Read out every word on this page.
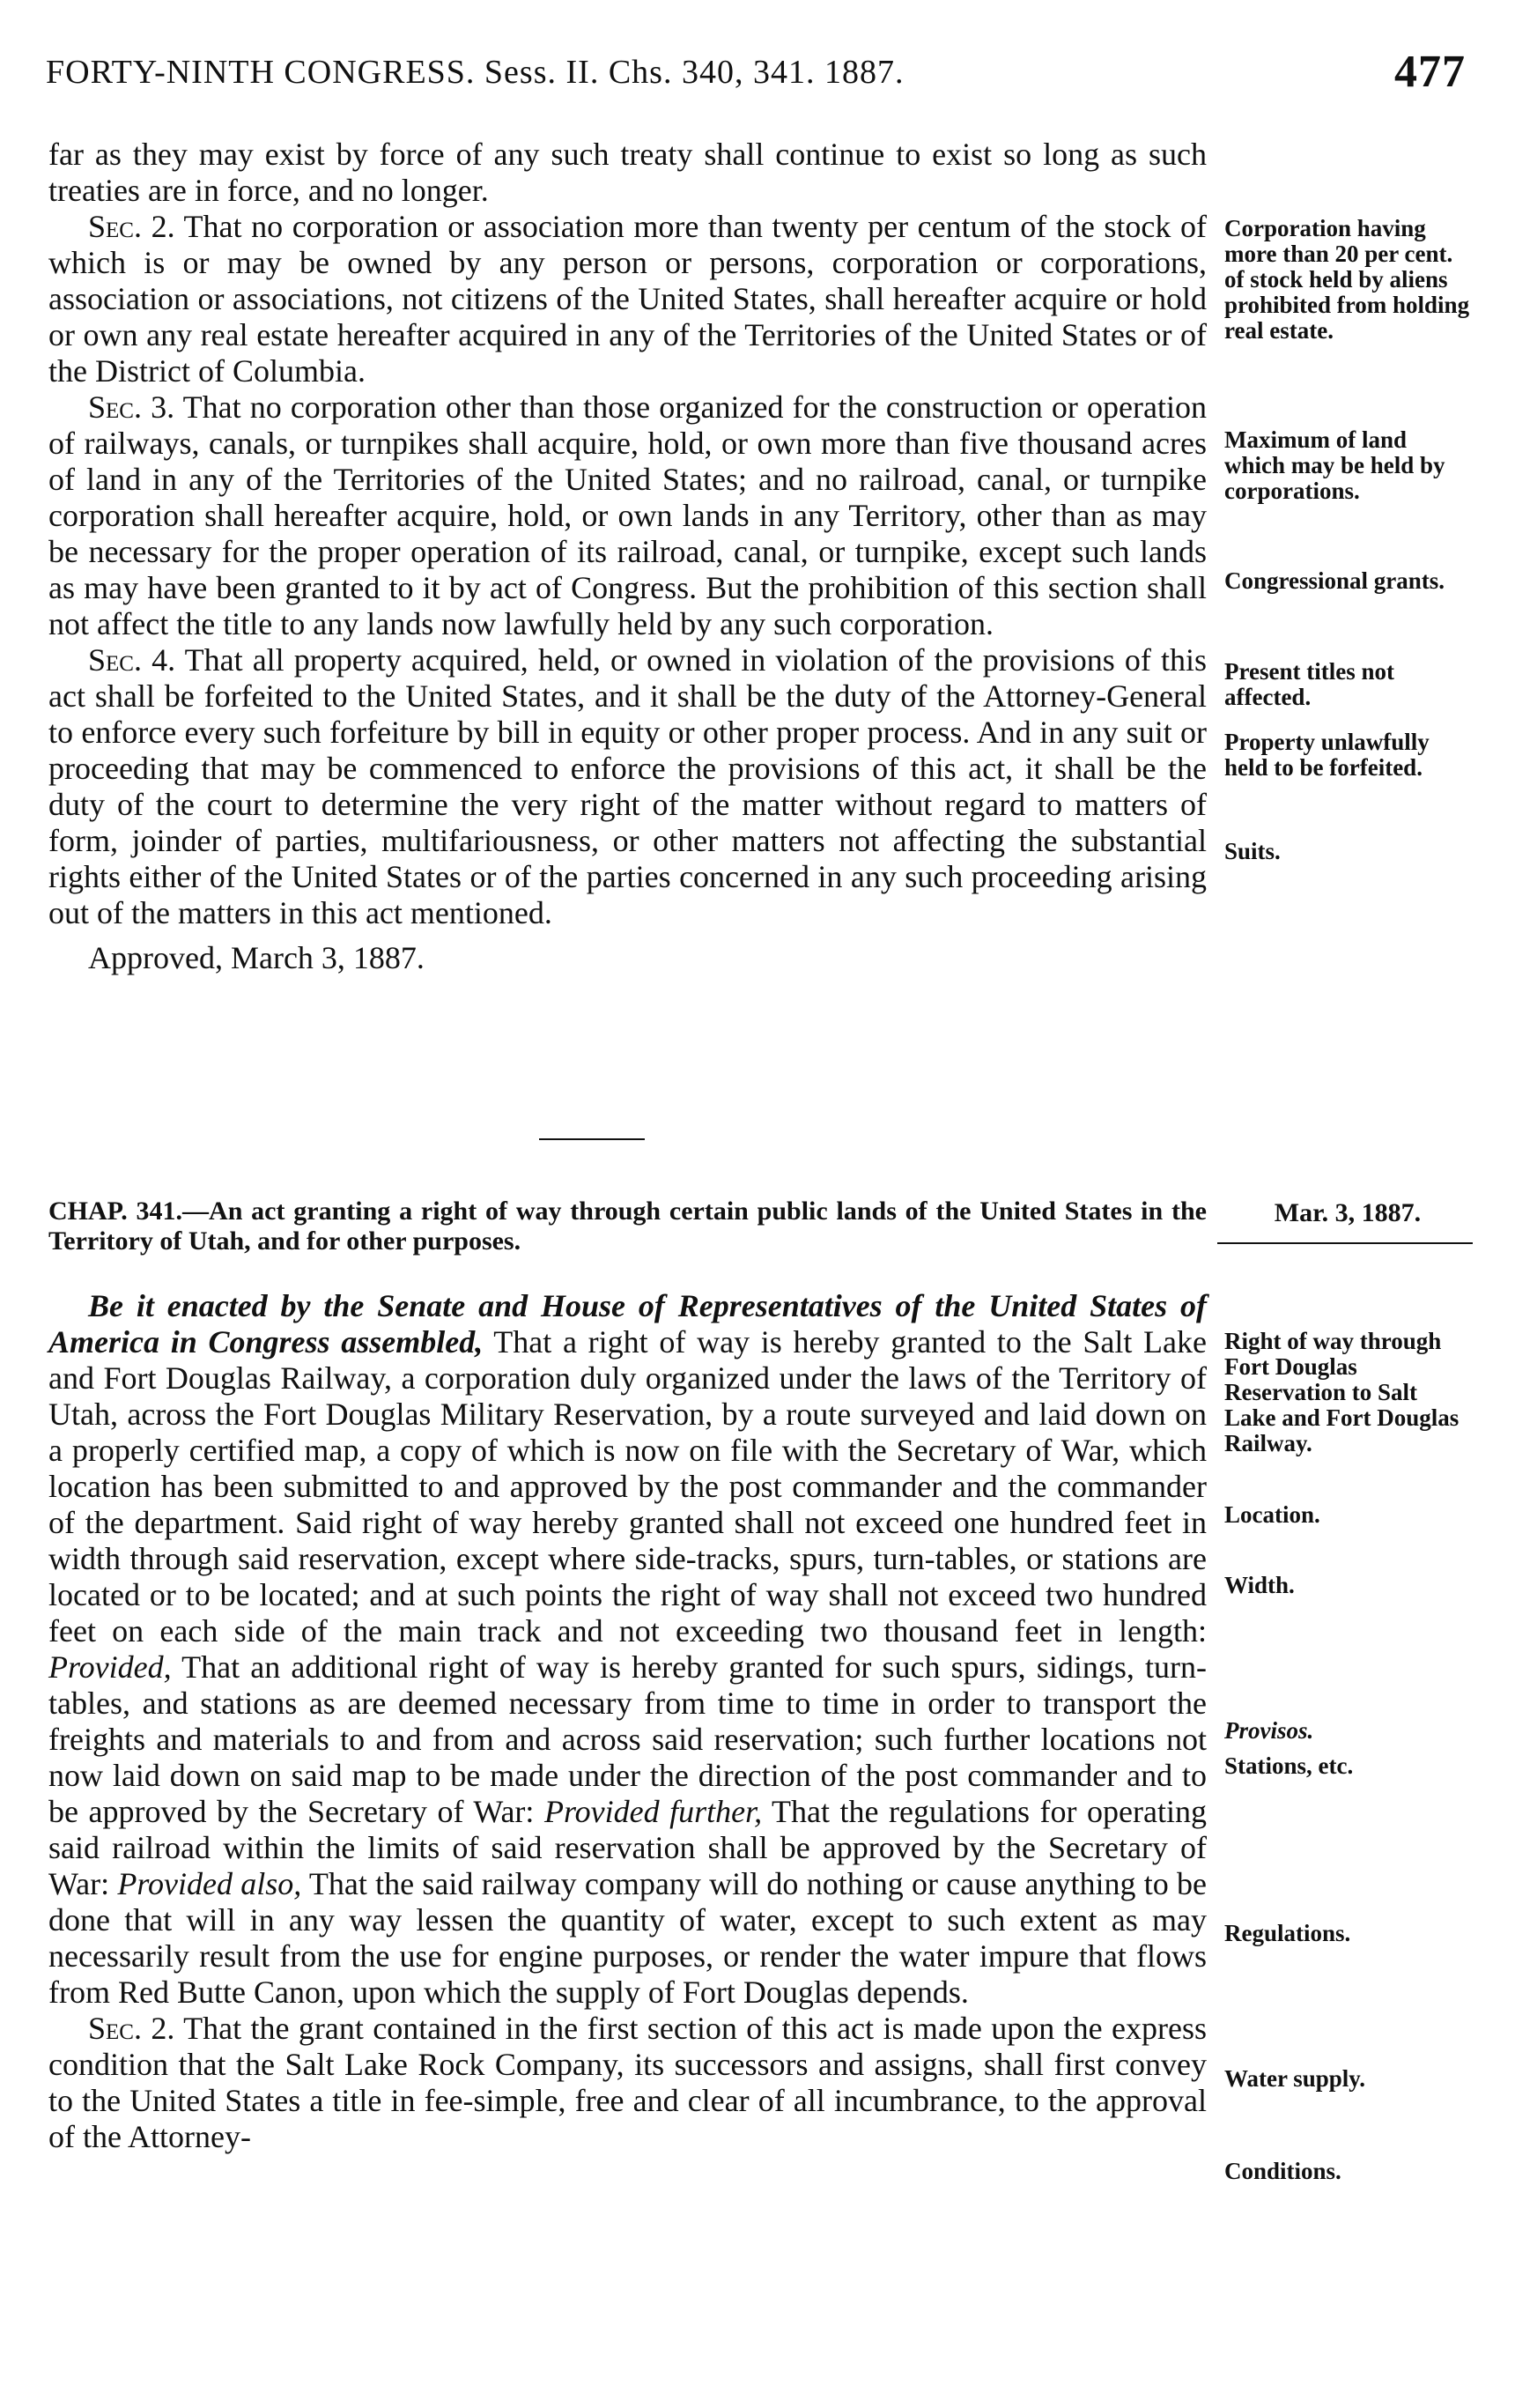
FORTY-NINTH CONGRESS. Sess. II. Chs. 340, 341. 1887.	477

far as they may exist by force of any such treaty shall continue to exist so long as such treaties are in force, and no longer.

Sec. 2. That no corporation or association more than twenty per centum of the stock of which is or may be owned by any person or persons, corporation or corporations, association or associations, not citizens of the United States, shall hereafter acquire or hold or own any real estate hereafter acquired in any of the Territories of the United States or of the District of Columbia.

Sec. 3. That no corporation other than those organized for the construction or operation of railways, canals, or turnpikes shall acquire, hold, or own more than five thousand acres of land in any of the Territories of the United States; and no railroad, canal, or turnpike corporation shall hereafter acquire, hold, or own lands in any Territory, other than as may be necessary for the proper operation of its railroad, canal, or turnpike, except such lands as may have been granted to it by act of Congress. But the prohibition of this section shall not affect the title to any lands now lawfully held by any such corporation.

Sec. 4. That all property acquired, held, or owned in violation of the provisions of this act shall be forfeited to the United States, and it shall be the duty of the Attorney-General to enforce every such forfeiture by bill in equity or other proper process. And in any suit or proceeding that may be commenced to enforce the provisions of this act, it shall be the duty of the court to determine the very right of the matter without regard to matters of form, joinder of parties, multifariousness, or other matters not affecting the substantial rights either of the United States or of the parties concerned in any such proceeding arising out of the matters in this act mentioned.

Approved, March 3, 1887.

CHAP. 341.—An act granting a right of way through certain public lands of the United States in the Territory of Utah, and for other purposes.

Mar. 3, 1887.

Be it enacted by the Senate and House of Representatives of the United States of America in Congress assembled, That a right of way is hereby granted to the Salt Lake and Fort Douglas Railway, a corporation duly organized under the laws of the Territory of Utah, across the Fort Douglas Military Reservation, by a route surveyed and laid down on a properly certified map, a copy of which is now on file with the Secretary of War, which location has been submitted to and approved by the post commander and the commander of the department. Said right of way hereby granted shall not exceed one hundred feet in width through said reservation, except where side-tracks, spurs, turn-tables, or stations are located or to be located; and at such points the right of way shall not exceed two hundred feet on each side of the main track and not exceeding two thousand feet in length: Provided, That an additional right of way is hereby granted for such spurs, sidings, turn-tables, and stations as are deemed necessary from time to time in order to transport the freights and materials to and from and across said reservation; such further locations not now laid down on said map to be made under the direction of the post commander and to be approved by the Secretary of War: Provided further, That the regulations for operating said railroad within the limits of said reservation shall be approved by the Secretary of War: Provided also, That the said railway company will do nothing or cause anything to be done that will in any way lessen the quantity of water, except to such extent as may necessarily result from the use for engine purposes, or render the water impure that flows from Red Butte Canon, upon which the supply of Fort Douglas depends.

Sec. 2. That the grant contained in the first section of this act is made upon the express condition that the Salt Lake Rock Company, its successors and assigns, shall first convey to the United States a title in fee-simple, free and clear of all incumbrance, to the approval of the Attorney-

Corporation having more than 20 per cent. of stock held by aliens prohibited from holding real estate.
Maximum of land which may be held by corporations.
Congressional grants.
Present titles not affected.
Property unlawfully held to be forfeited.
Suits.
Right of way through Fort Douglas Reservation to Salt Lake and Fort Douglas Railway.
Location.
Width.
Provisos.
Stations, etc.
Regulations.
Water supply.
Conditions.
